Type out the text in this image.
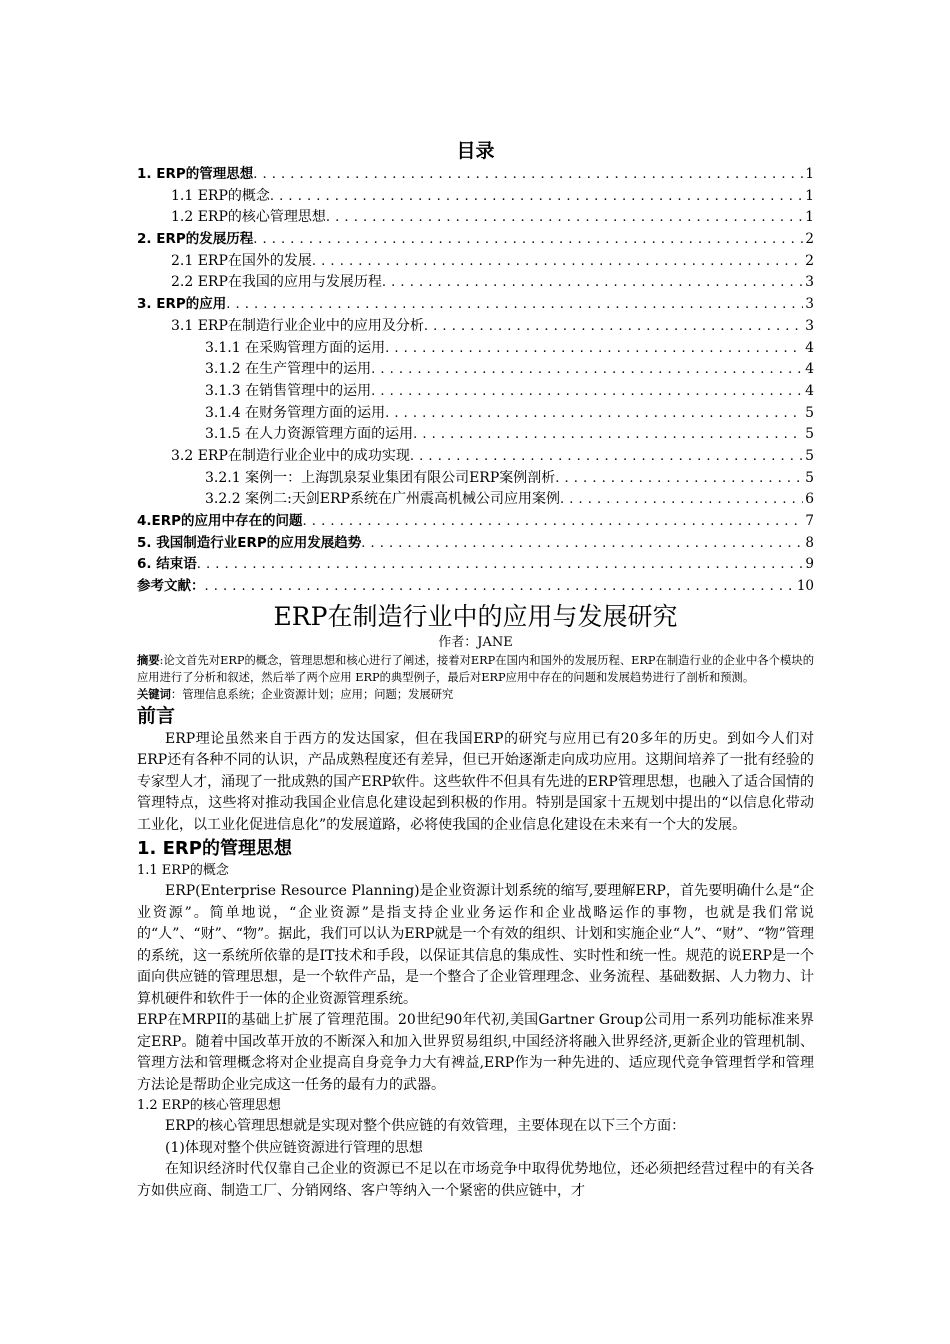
目录
1. ERP的管理思想 . . .	1
1.1 ERP的概念 . . .	1
1.2 ERP的核心管理思想 . . .	1
2. ERP的发展历程 . . .	2
2.1 ERP在国外的发展 . . .	2
2.2 ERP在我国的应用与发展历程 . . .	3
3. ERP的应用 . . .	3
3.1 ERP在制造行业企业中的应用及分析 . . .	3
3.1.1 在采购管理方面的运用 . . .	4
3.1.2 在生产管理中的运用 . . .	4
3.1.3 在销售管理中的运用 . . .	4
3.1.4 在财务管理方面的运用 . . .	5
3.1.5 在人力资源管理方面的运用 . . .	5
3.2 ERP在制造行业企业中的成功实现 . . .	5
3.2.1 案例一：上海凯泉泵业集团有限公司ERP案例剖析 . . .	5
3.2.2 案例二:天剑ERP系统在广州震高机械公司应用案例 . . .	6
4.ERP的应用中存在的问题 . . .	7
5. 我国制造行业ERP的应用发展趋势 . . .	8
6. 结束语 . . .	9
参考文献： . . .	10
ERP在制造行业中的应用与发展研究
作者：JANE
摘要:论文首先对ERP的概念，管理思想和核心进行了阐述，接着对ERP在国内和国外的发展历程、ERP在制造行业的企业中各个模块的应用进行了分析和叙述，然后举了两个应用 ERP的典型例子，最后对ERP应用中存在的问题和发展趋势进行了剖析和预测。
关键词：管理信息系统；企业资源计划；应用；问题；发展研究
前言

ERP理论虽然来自于西方的发达国家，但在我国ERP的研究与应用已有20多年的历史。到如今人们对ERP还有各种不同的认识，产品成熟程度还有差异，但已开始逐渐走向成功应用。这期间培养了一批有经验的专家型人才，涌现了一批成熟的国产ERP软件。这些软件不但具有先进的ERP管理思想，也融入了适合国情的管理特点，这些将对推动我国企业信息化建设起到积极的作用。特别是国家十五规划中提出的“以信息化带动工业化，以工业化促进信息化”的发展道路，必将使我国的企业信息化建设在未来有一个大的发展。

1. ERP的管理思想
1.1 ERP的概念

ERP(Enterprise Resource Planning)是企业资源计划系统的缩写,要理解ERP，首先要明确什么是“企业资源”。简单地说，“企业资源”是指支持企业业务运作和企业战略运作的事物，也就是我们常说的“人”、“财”、“物”。据此，我们可以认为ERP就是一个有效的组织、计划和实施企业“人”、“财”、“物”管理的系统，这一系统所依靠的是IT技术和手段，以保证其信息的集成性、实时性和统一性。规范的说ERP是一个面向供应链的管理思想，是一个软件产品，是一个整合了企业管理理念、业务流程、基础数据、人力物力、计算机硬件和软件于一体的企业资源管理系统。

ERP在MRPII的基础上扩展了管理范围。20世纪90年代初,美国Gartner Group公司用一系列功能标准来界定ERP。随着中国改革开放的不断深入和加入世界贸易组织,中国经济将融入世界经济,更新企业的管理机制、管理方法和管理概念将对企业提高自身竞争力大有裨益,ERP作为一种先进的、适应现代竞争管理哲学和管理方法论是帮助企业完成这一任务的最有力的武器。

1.2 ERP的核心管理思想

ERP的核心管理思想就是实现对整个供应链的有效管理，主要体现在以下三个方面：

(1)体现对整个供应链资源进行管理的思想

在知识经济时代仅靠自己企业的资源已不足以在市场竞争中取得优势地位，还必须把经营过程中的有关各方如供应商、制造工厂、分销网络、客户等纳入一个紧密的供应链中，才
